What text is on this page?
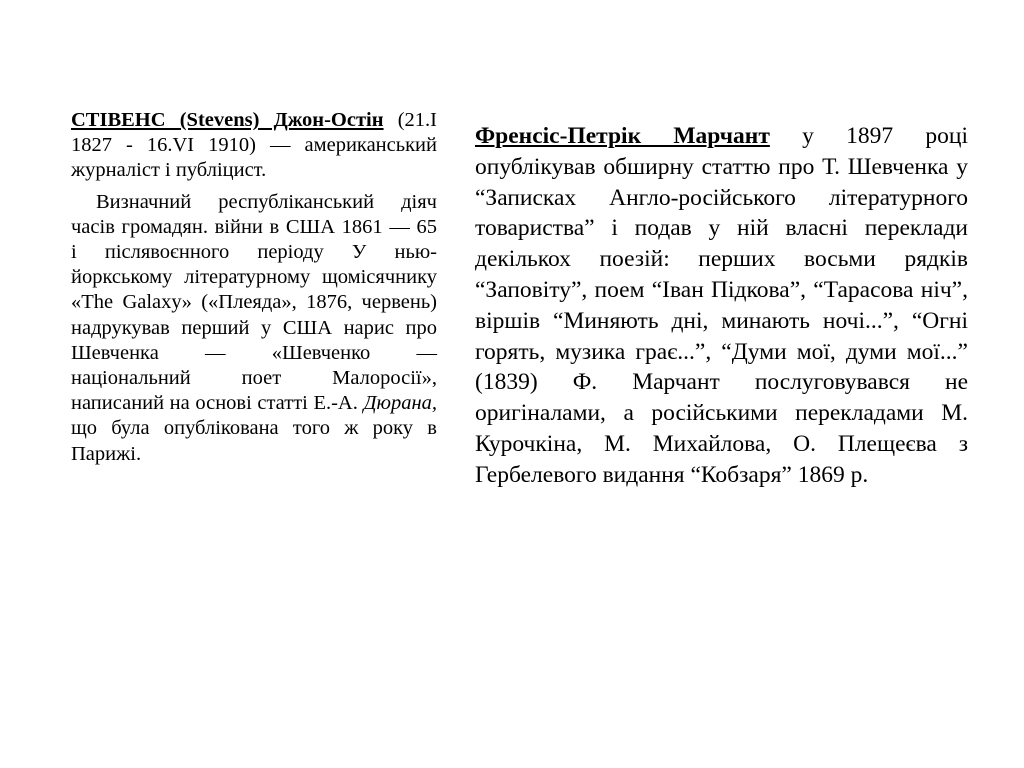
СТІВЕНС (Stevens) Джон-Остін (21.І 1827 - 16.VI 1910) — американський журналіст і публіцист.

Визначний республіканський діяч часів громадян. війни в США 1861 — 65 і післявоєнного періоду У нью-йоркському літературному щомісячнику «The Galaxy» («Плеяда», 1876, червень) надрукував перший у США нарис про Шевченка — «Шевченко — національний поет Малоросії», написаний на основі статті Е.-А. Дюрана, що була опублікована того ж року в Парижі.

Френсіс-Петрік Марчант у 1897 році опублікував обширну статтю про Т. Шевченка у “Записках Англо-російського літературного товариства” і подав у ній власні переклади декількох поезій: перших восьми рядків “Заповіту”, поем “Іван Підкова”, “Тарасова ніч”, віршів “Миняють дні, минають ночі...”, “Огні горять, музика грає...”, “Думи мої, думи мої...” (1839) Ф. Марчант послуговувався не оригіналами, а російськими перекладами М. Курочкіна, М. Михайлова, О. Плещеєва з Гербелевого видання “Кобзаря” 1869 р.
